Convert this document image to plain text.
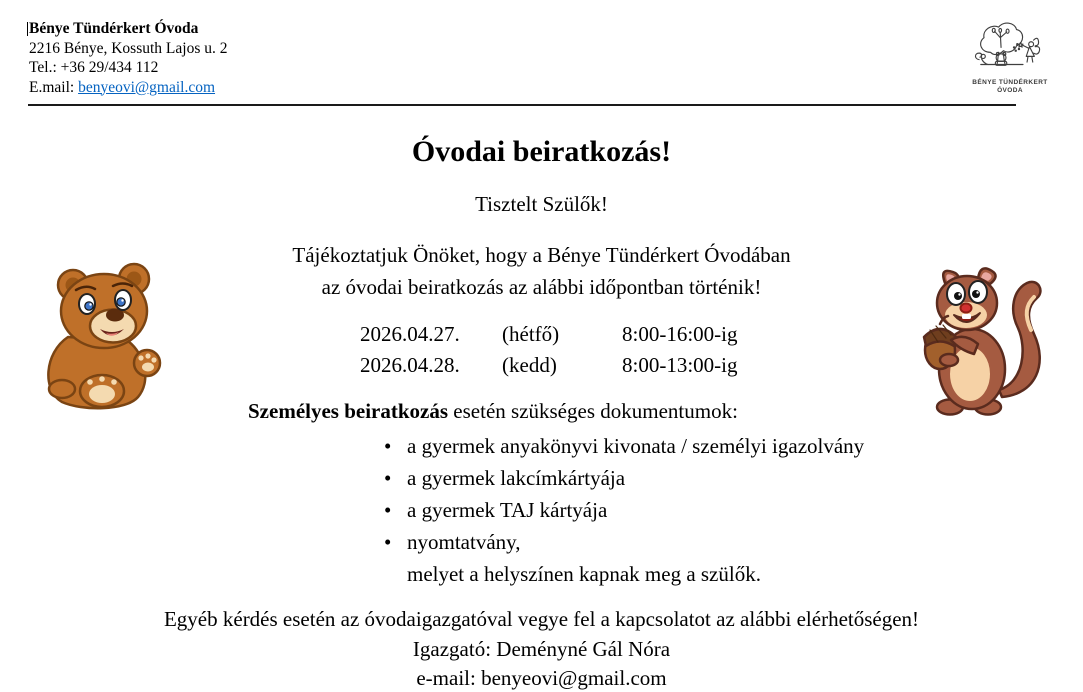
Bénye Tündérkert Óvoda
2216 Bénye, Kossuth Lajos u. 2
Tel.: +36 29/434 112
E.mail: benyeovi@gmail.com	BÉNYE TÜNDÉRKERT
ÓVODA
Óvodai beiratkozás!
Tisztelt Szülők!
Tájékoztatjuk Önöket, hogy a Bénye Tündérkert Óvodában
az óvodai beiratkozás az alábbi időpontban történik!
2026.04.27. (hétfő)	8:00-16:00-ig
2026.04.28. (kedd)	8:00-13:00-ig
Személyes beiratkozás esetén szükséges dokumentumok:
• a gyermek anyakönyvi kivonata / személyi igazolvány
• a gyermek lakcímkártyája
• a gyermek TAJ kártyája
• nyomtatvány,
melyet a helyszínen kapnak meg a szülők.
Egyéb kérdés esetén az óvodaigazgatóval vegye fel a kapcsolatot az alábbi elérhetőségen!
Igazgató: Deményné Gál Nóra
e-mail: benyeovi@gmail.com
